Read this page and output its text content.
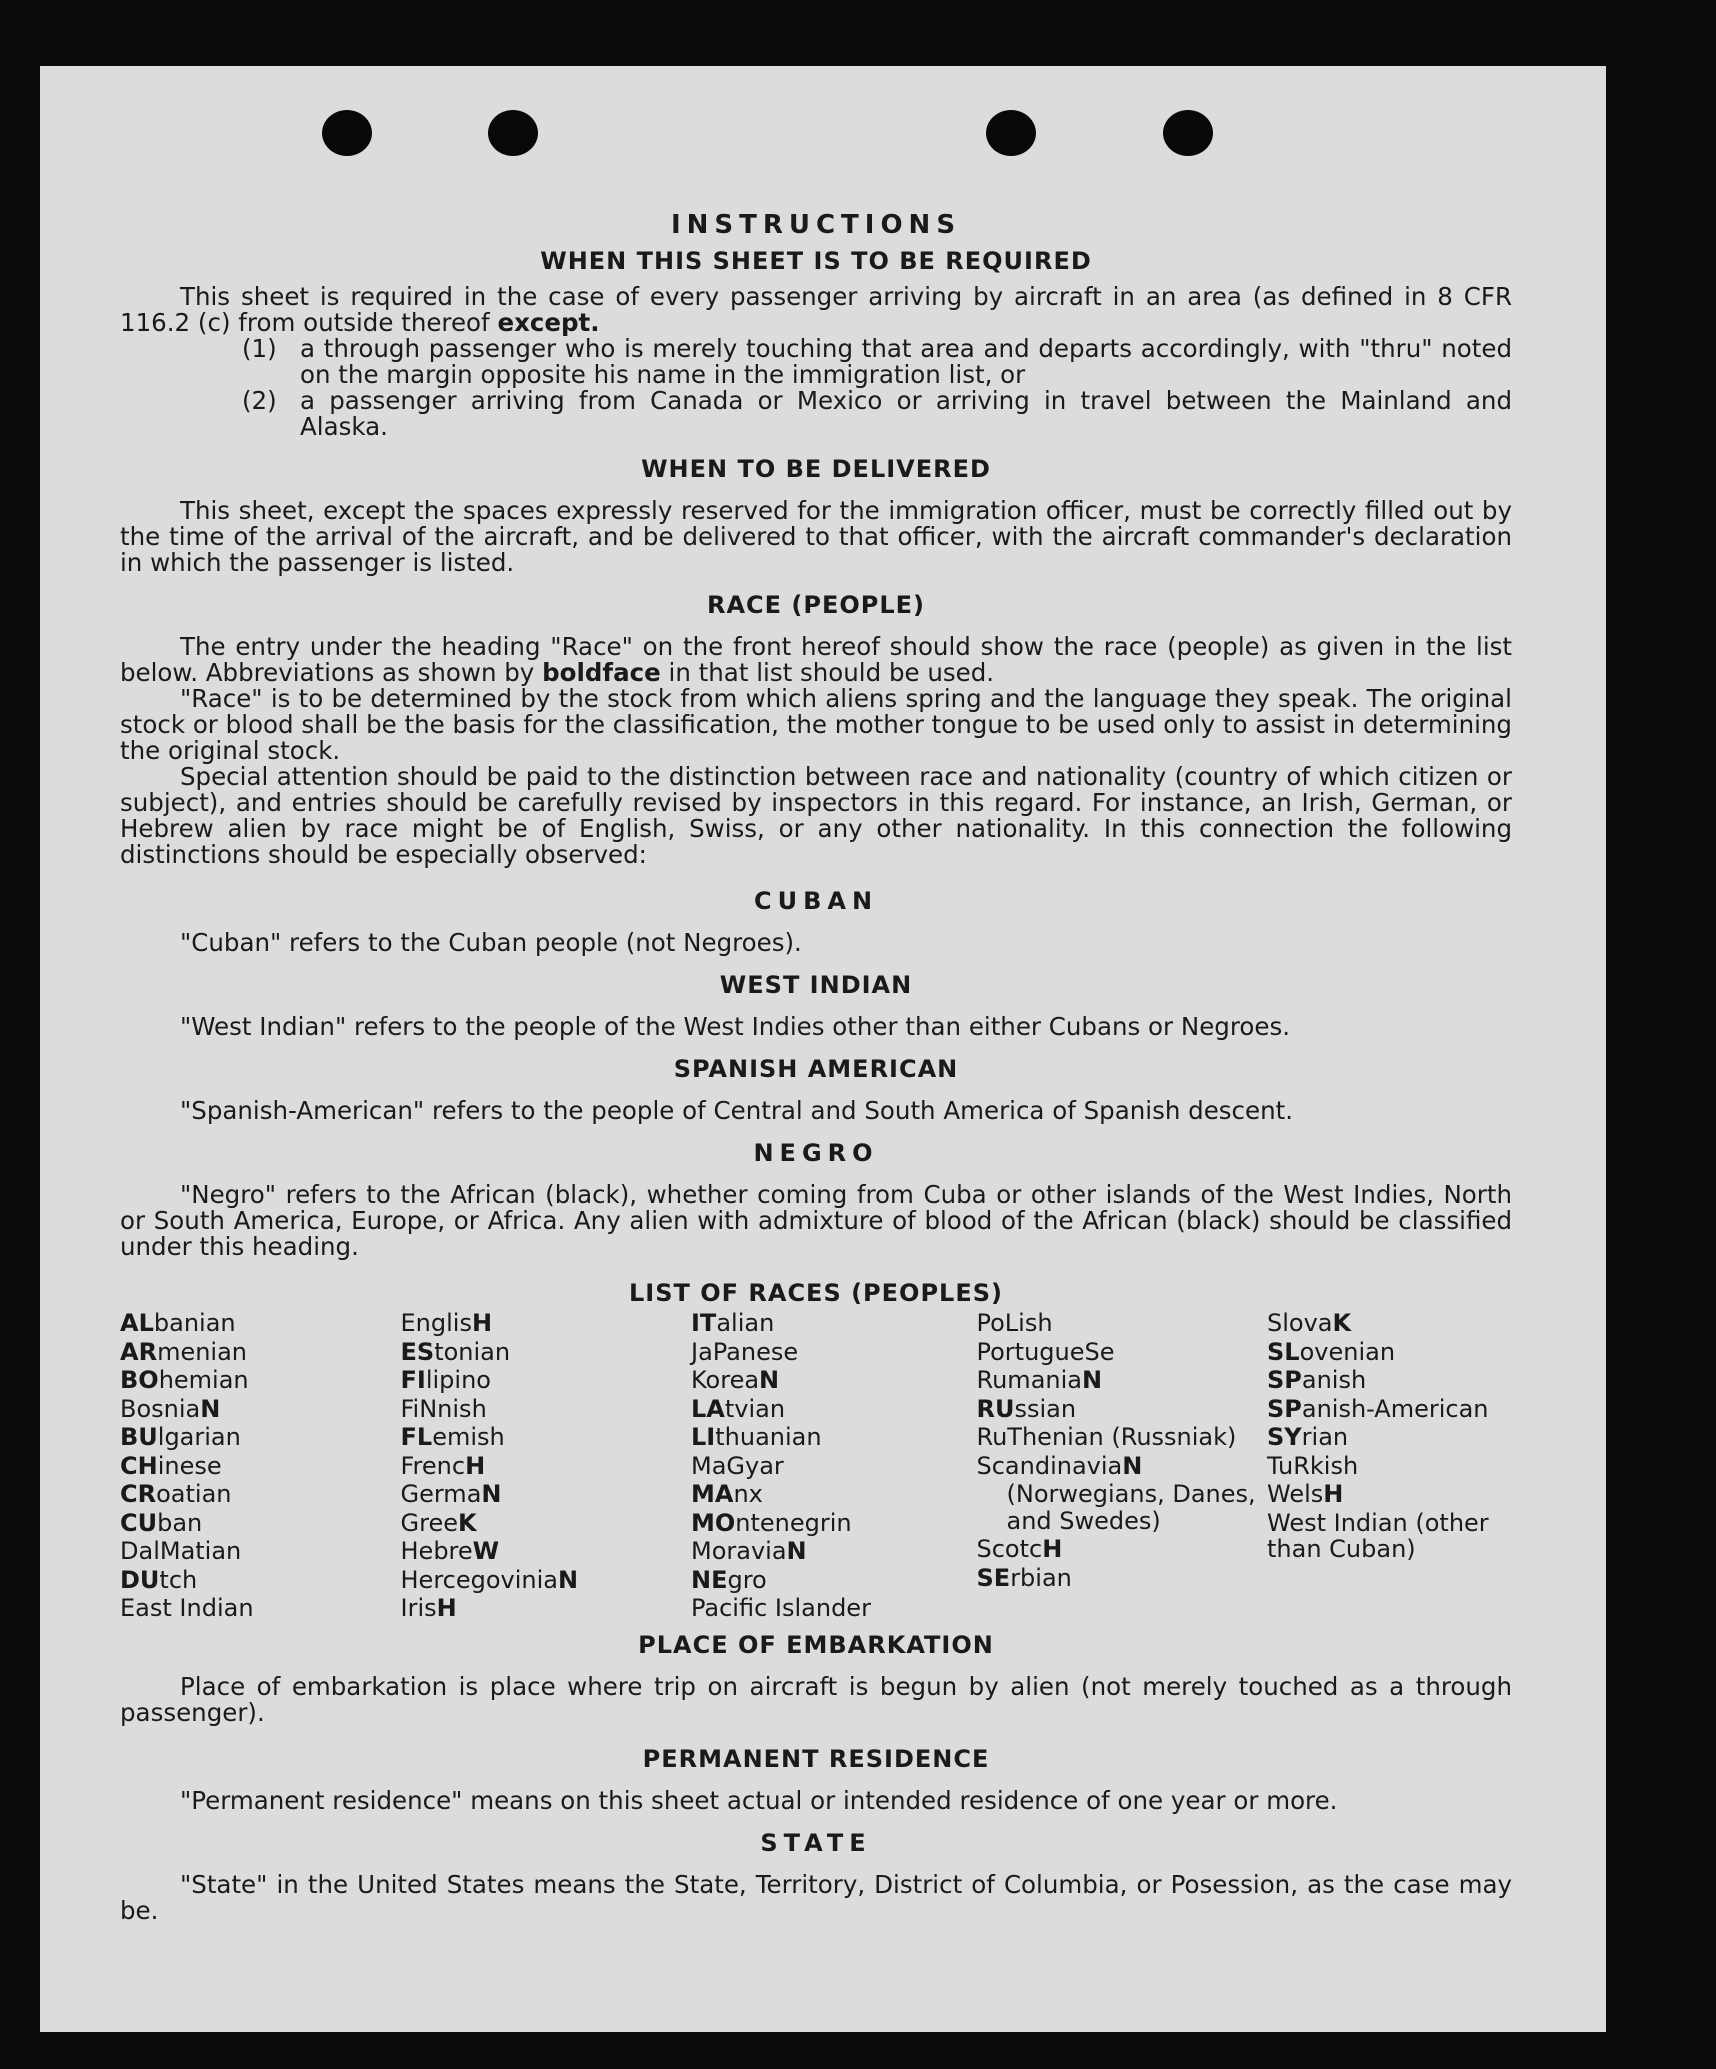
INSTRUCTIONS
WHEN THIS SHEET IS TO BE REQUIRED

This sheet is required in the case of every passenger arriving by aircraft in an area (as defined in 8 CFR 116.2 (c) from outside thereof except.

(1) a through passenger who is merely touching that area and departs accordingly, with "thru" noted on the margin opposite his name in the immigration list, or
(2) a passenger arriving from Canada or Mexico or arriving in travel between the Mainland and Alaska.
WHEN TO BE DELIVERED

This sheet, except the spaces expressly reserved for the immigration officer, must be correctly filled out by the time of the arrival of the aircraft, and be delivered to that officer, with the aircraft commander's declaration in which the passenger is listed.

RACE (PEOPLE)

The entry under the heading "Race" on the front hereof should show the race (people) as given in the list below. Abbreviations as shown by boldface in that list should be used.

"Race" is to be determined by the stock from which aliens spring and the language they speak. The original stock or blood shall be the basis for the classification, the mother tongue to be used only to assist in determining the original stock.

Special attention should be paid to the distinction between race and nationality (country of which citizen or subject), and entries should be carefully revised by inspectors in this regard. For instance, an Irish, German, or Hebrew alien by race might be of English, Swiss, or any other nationality. In this connection the following distinctions should be especially observed:

CUBAN

"Cuban" refers to the Cuban people (not Negroes).

WEST INDIAN

"West Indian" refers to the people of the West Indies other than either Cubans or Negroes.

SPANISH AMERICAN

"Spanish-American" refers to the people of Central and South America of Spanish descent.

NEGRO

"Negro" refers to the African (black), whether coming from Cuba or other islands of the West Indies, North or South America, Europe, or Africa. Any alien with admixture of blood of the African (black) should be classified under this heading.

LIST OF RACES (PEOPLES)
ALbanian
ARmenian
BOhemian
BosniaN
BUlgarian
CHinese
CRoatian
CUban
DalMatian
DUtch
East Indian
EnglisH
EStonian
FIlipino
FiNnish
FLemish
FrencH
GermaN
GreeK
HebreW
HercegoviniaN
IrisH
ITalian
JaPanese
KoreaN
LAtvian
LIthuanian
MaGyar
MAnx
MOntenegrin
MoraviaN
NEgro
Pacific Islander
PoLish
PortugueSe
RumaniaN
RUssian
RuThenian (Russniak)
ScandinaviaN
(Norwegians, Danes, and Swedes)
ScotcH
SErbian
SlovaK
SLovenian
SPanish
SPanish-American
SYrian
TuRkish
WelsH
West Indian (other than Cuban)
PLACE OF EMBARKATION

Place of embarkation is place where trip on aircraft is begun by alien (not merely touched as a through passenger).

PERMANENT RESIDENCE

"Permanent residence" means on this sheet actual or intended residence of one year or more.

STATE

"State" in the United States means the State, Territory, District of Columbia, or Posession, as the case may be.
